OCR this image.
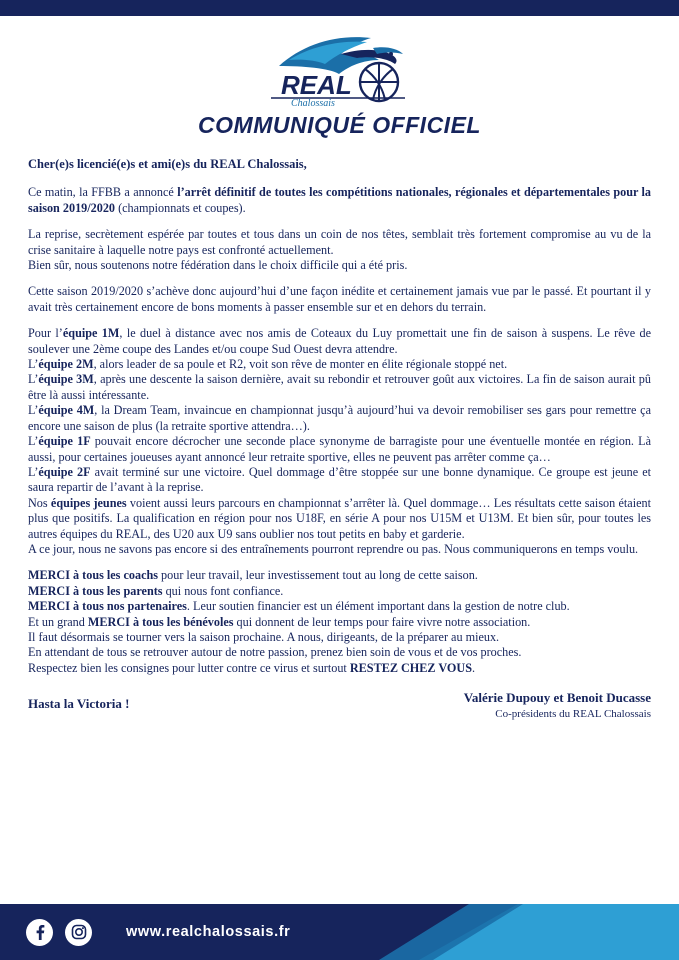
REAL
Chalossais
COMMUNIQUÉ OFFICIEL

Cher(e)s licencié(e)s et ami(e)s du REAL Chalossais,

Ce matin, la FFBB a annoncé l’arrêt définitif de toutes les compétitions nationales, régionales et départementales pour la saison 2019/2020 (championnats et coupes).

La reprise, secrètement espérée par toutes et tous dans un coin de nos têtes, semblait très fortement compromise au vu de la crise sanitaire à laquelle notre pays est confronté actuellement.

Bien sûr, nous soutenons notre fédération dans le choix difficile qui a été pris.

Cette saison 2019/2020 s’achève donc aujourd’hui d’une façon inédite et certainement jamais vue par le passé. Et pourtant il y avait très certainement encore de bons moments à passer ensemble sur et en dehors du terrain.

Pour l’équipe 1M, le duel à distance avec nos amis de Coteaux du Luy promettait une fin de saison à suspens. Le rêve de soulever une 2ème coupe des Landes et/ou coupe Sud Ouest devra attendre.

L’équipe 2M, alors leader de sa poule et R2, voit son rêve de monter en élite régionale stoppé net.

L’équipe 3M, après une descente la saison dernière, avait su rebondir et retrouver goût aux victoires. La fin de saison aurait pû être là aussi intéressante.

L’équipe 4M, la Dream Team, invaincue en championnat jusqu’à aujourd’hui va devoir remobiliser ses gars pour remettre ça encore une saison de plus (la retraite sportive attendra…).

L’équipe 1F pouvait encore décrocher une seconde place synonyme de barragiste pour une éventuelle montée en région. Là aussi, pour certaines joueuses ayant annoncé leur retraite sportive, elles ne peuvent pas arrêter comme ça…

L’équipe 2F avait terminé sur une victoire. Quel dommage d’être stoppée sur une bonne dynamique. Ce groupe est jeune et saura repartir de l’avant à la reprise.

Nos équipes jeunes voient aussi leurs parcours en championnat s’arrêter là. Quel dommage… Les résultats cette saison étaient plus que positifs. La qualification en région pour nos U18F, en série A pour nos U15M et U13M. Et bien sûr, pour toutes les autres équipes du REAL, des U20 aux U9 sans oublier nos tout petits en baby et garderie.

A ce jour, nous ne savons pas encore si des entraînements pourront reprendre ou pas. Nous communiquerons en temps voulu.

MERCI à tous les coachs pour leur travail, leur investissement tout au long de cette saison.

MERCI à tous les parents qui nous font confiance.

MERCI à tous nos partenaires. Leur soutien financier est un élément important dans la gestion de notre club.

Et un grand MERCI à tous les bénévoles qui donnent de leur temps pour faire vivre notre association.

Il faut désormais se tourner vers la saison prochaine. A nous, dirigeants, de la préparer au mieux.

En attendant de tous se retrouver autour de notre passion, prenez bien soin de vous et de vos proches.

Respectez bien les consignes pour lutter contre ce virus et surtout RESTEZ CHEZ VOUS.

Hasta la Victoria !	Valérie Dupouy et Benoit Ducasse
Co-présidents du REAL Chalossais
www.realchalossais.fr
